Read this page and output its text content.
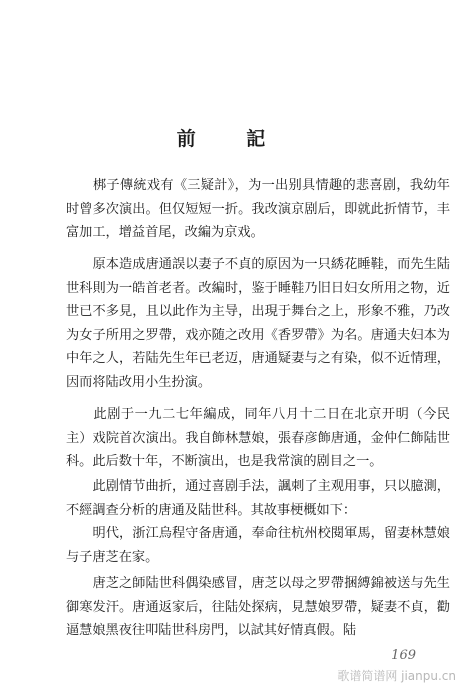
前 記

　　梆子傳統戏有《三疑計》，为一出别具情趣的悲喜剧，我幼年时曾多次演出。但仅短短一折。我改演京剧后，即就此折情节，丰富加工，增益首尾，改編为京戏。

　　原本造成唐通誤以妻子不貞的原因为一只綉花睡鞋，而先生陆世科則为一皓首老者。改編时，鉴于睡鞋乃旧日妇女所用之物，近世已不多見，且以此作为主导，出現于舞台之上，形象不雅，乃改为女子所用之罗帶，戏亦随之改用《香罗帶》为名。唐通夫妇本为中年之人，若陆先生年已老迈，唐通疑妻与之有染，似不近情理，因而将陆改用小生扮演。

　　此剧于一九二七年編成，同年八月十二日在北京开明（今民主）戏院首次演出。我自飾林慧娘，張春彦飾唐通，金仲仁飾陆世科。此后数十年，不断演出，也是我常演的剧目之一。

　　此剧情节曲折，通过喜剧手法，諷刺了主观用事，只以臆測，不經調查分析的唐通及陆世科。其故事梗概如下：

　　明代，浙江烏程守备唐通，奉命往杭州校閱軍馬，留妻林慧娘与子唐芝在家。

　　唐芝之師陆世科偶染感冒，唐芝以母之罗帶捆縛錦被送与先生御寒发汗。唐通返家后，往陆处探病，見慧娘罗帶，疑妻不貞，勸逼慧娘黑夜往叩陆世科房門，以試其好情真假。陆

169
歌谱简谱网 jianpu.cn
